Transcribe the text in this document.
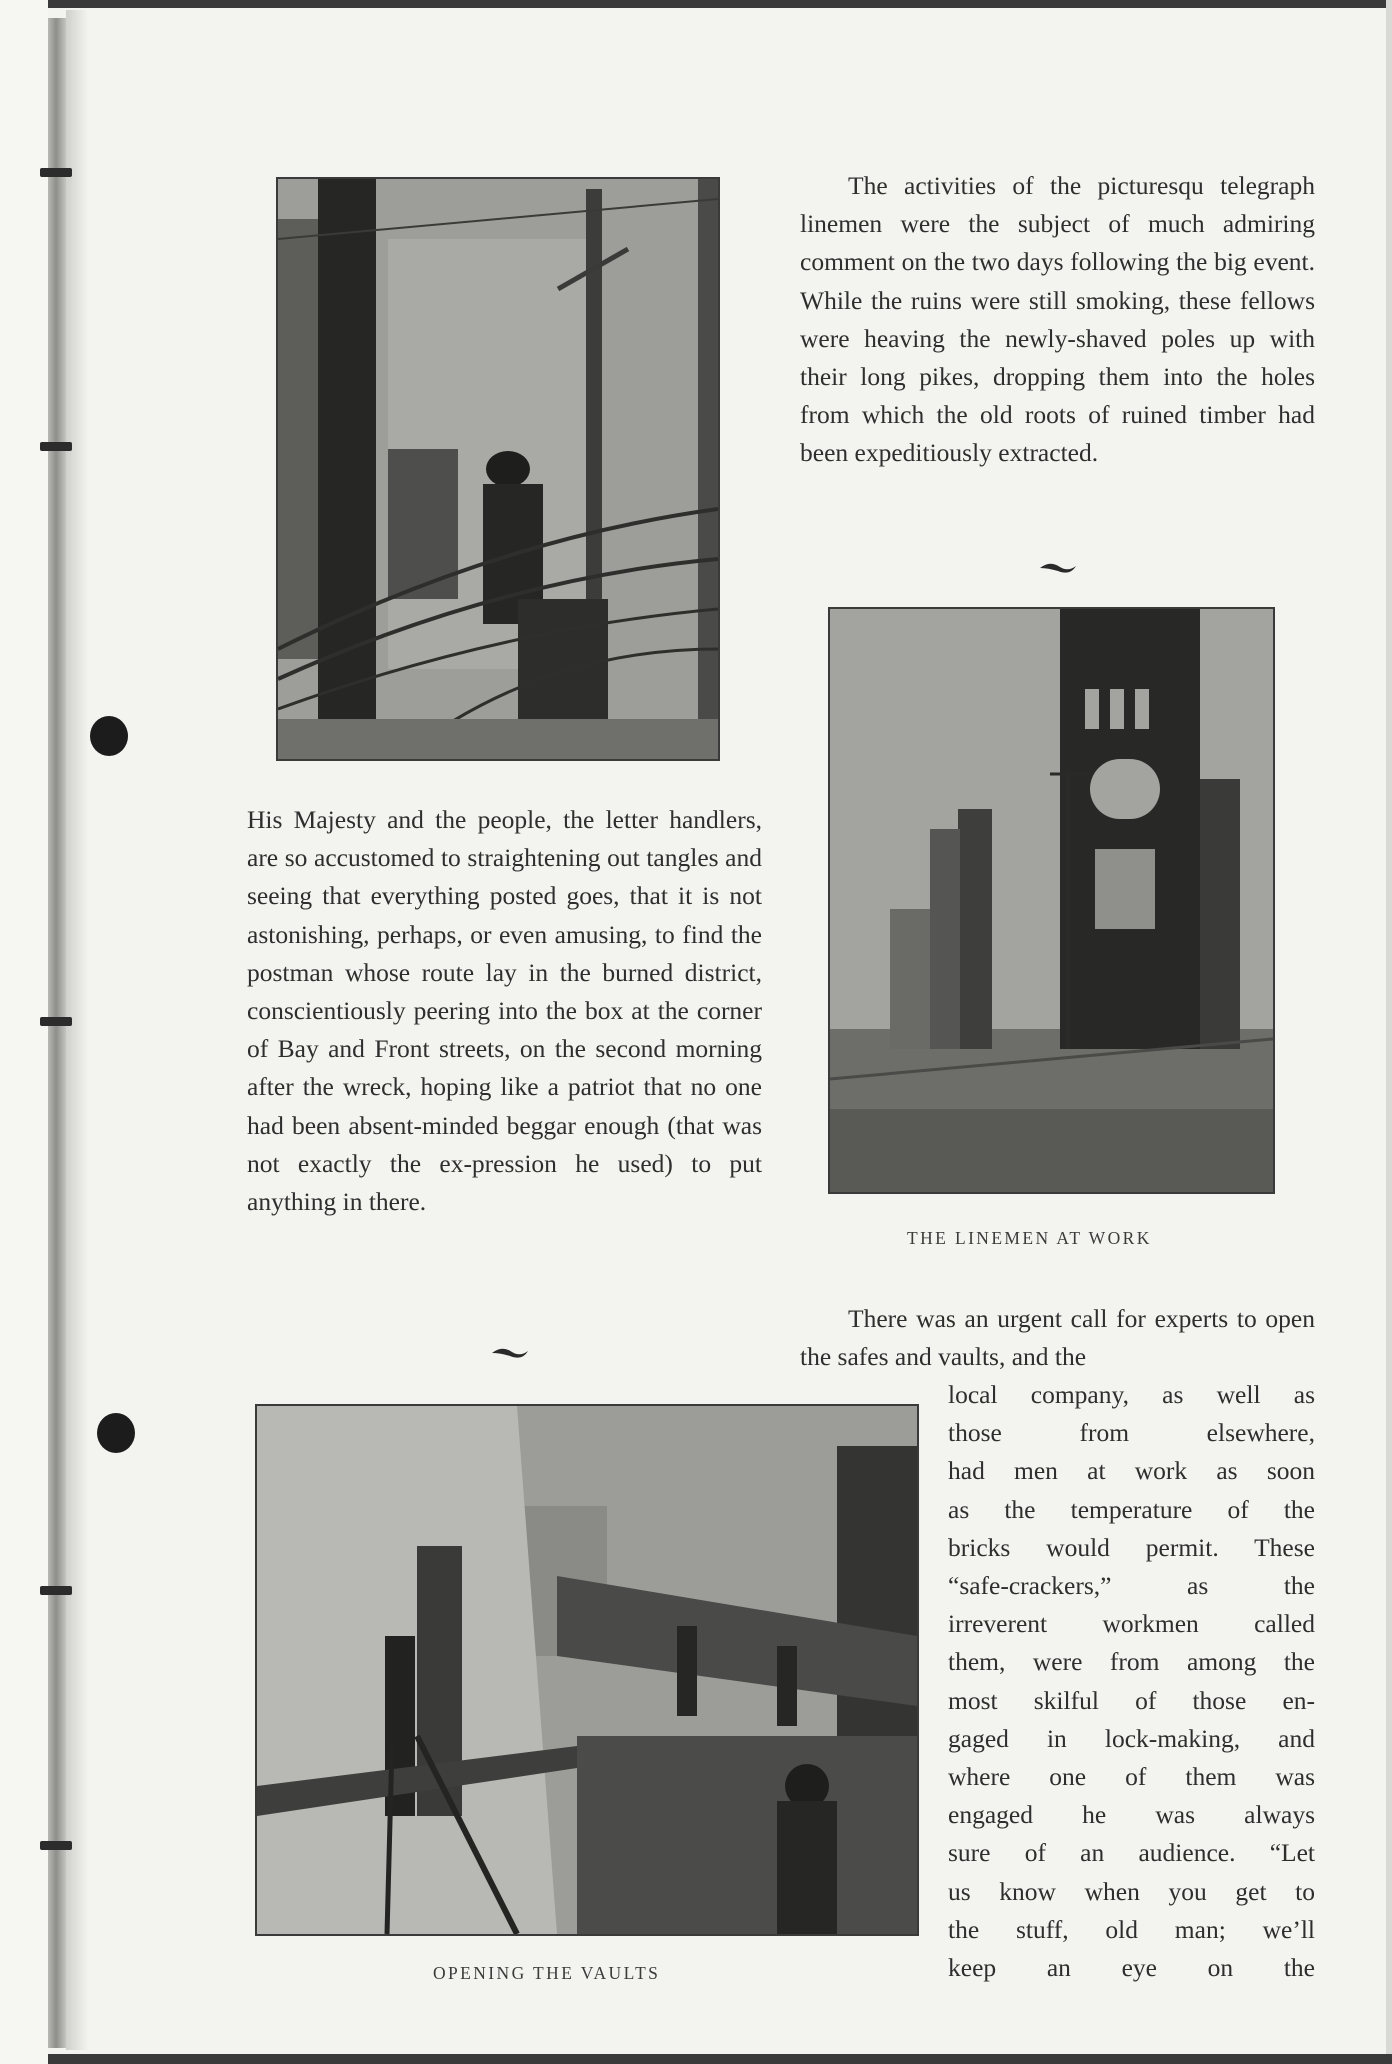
The activities of the picturesqu telegraph linemen were the subject of much admiring comment on the two days following the big event. While the ruins were still smoking, these fellows were heaving the newly-shaved poles up with their long pikes, dropping them into the holes from which the old roots of ruined timber had been expeditiously extracted.

THE LINEMEN AT WORK

His Majesty and the people, the letter handlers, are so accustomed to straightening out tangles and seeing that everything posted goes, that it is not astonishing, perhaps, or even amusing, to find the postman whose route lay in the burned district, conscientiously peering into the box at the corner of Bay and Front streets, on the second morning after the wreck, hoping like a patriot that no one had been absent-minded beggar enough (that was not exactly the ex-pression he used) to put anything in there.

OPENING THE VAULTS

There was an urgent call for experts to open the safes and vaults, and the

local company, as well as
those from elsewhere,
had men at work as soon
as the temperature of the
bricks would permit. These
“safe-crackers,” as the
irreverent workmen called
them, were from among the
most skilful of those en-
gaged in lock-making, and
where one of them was
engaged he was always
sure of an audience. “Let
us know when you get to
the stuff, old man; we’ll
keep an eye on the
